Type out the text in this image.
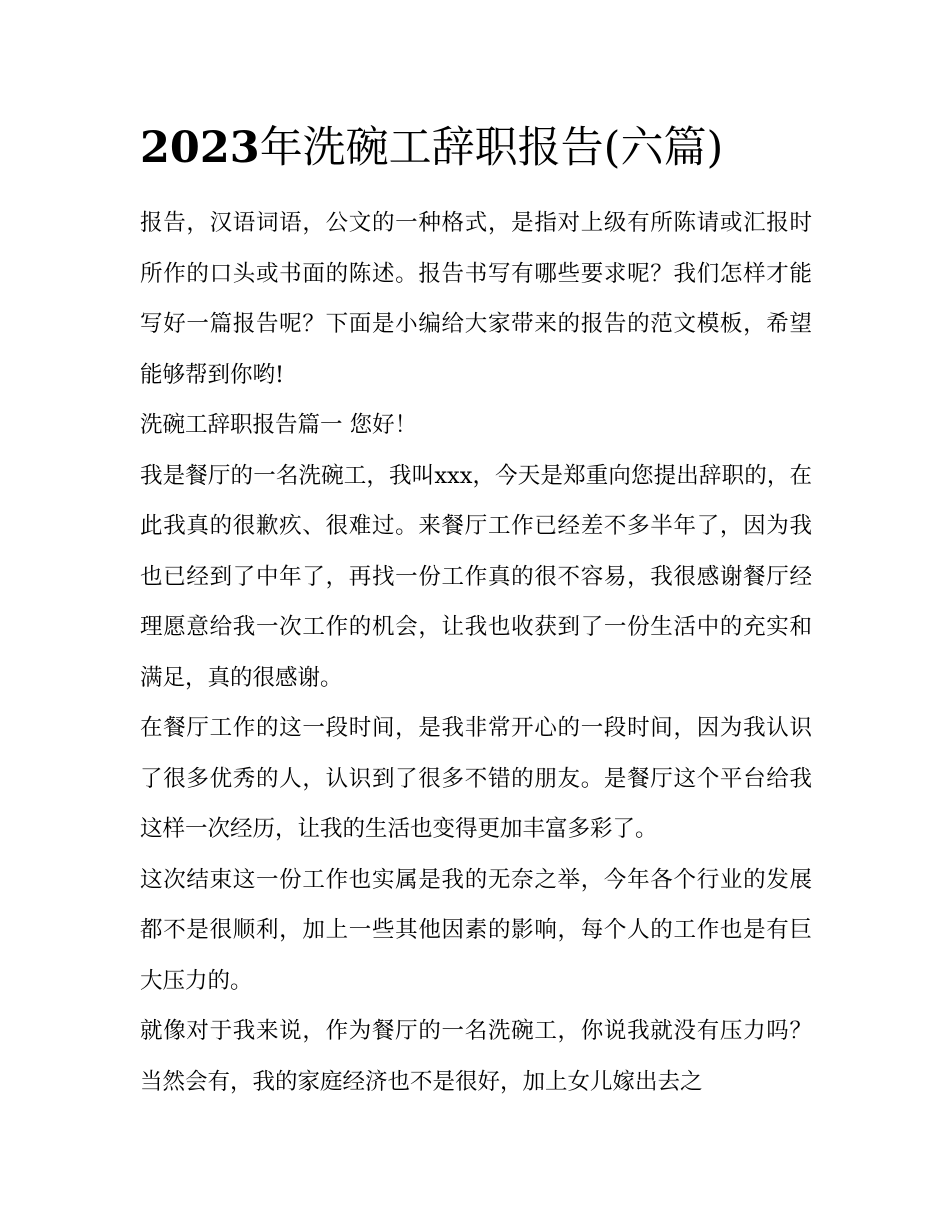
2023年洗碗工辞职报告(六篇)

报告，汉语词语，公文的一种格式，是指对上级有所陈请或汇报时所作的口头或书面的陈述。报告书写有哪些要求呢？我们怎样才能写好一篇报告呢？下面是小编给大家带来的报告的范文模板，希望能够帮到你哟!

洗碗工辞职报告篇一 您好！

我是餐厅的一名洗碗工，我叫xxx，今天是郑重向您提出辞职的，在此我真的很歉疚、很难过。来餐厅工作已经差不多半年了，因为我也已经到了中年了，再找一份工作真的很不容易，我很感谢餐厅经理愿意给我一次工作的机会，让我也收获到了一份生活中的充实和满足，真的很感谢。

在餐厅工作的这一段时间，是我非常开心的一段时间，因为我认识了很多优秀的人，认识到了很多不错的朋友。是餐厅这个平台给我这样一次经历，让我的生活也变得更加丰富多彩了。

这次结束这一份工作也实属是我的无奈之举，今年各个行业的发展都不是很顺利，加上一些其他因素的影响，每个人的工作也是有巨大压力的。

就像对于我来说，作为餐厅的一名洗碗工，你说我就没有压力吗？当然会有，我的家庭经济也不是很好，加上女儿嫁出去之
